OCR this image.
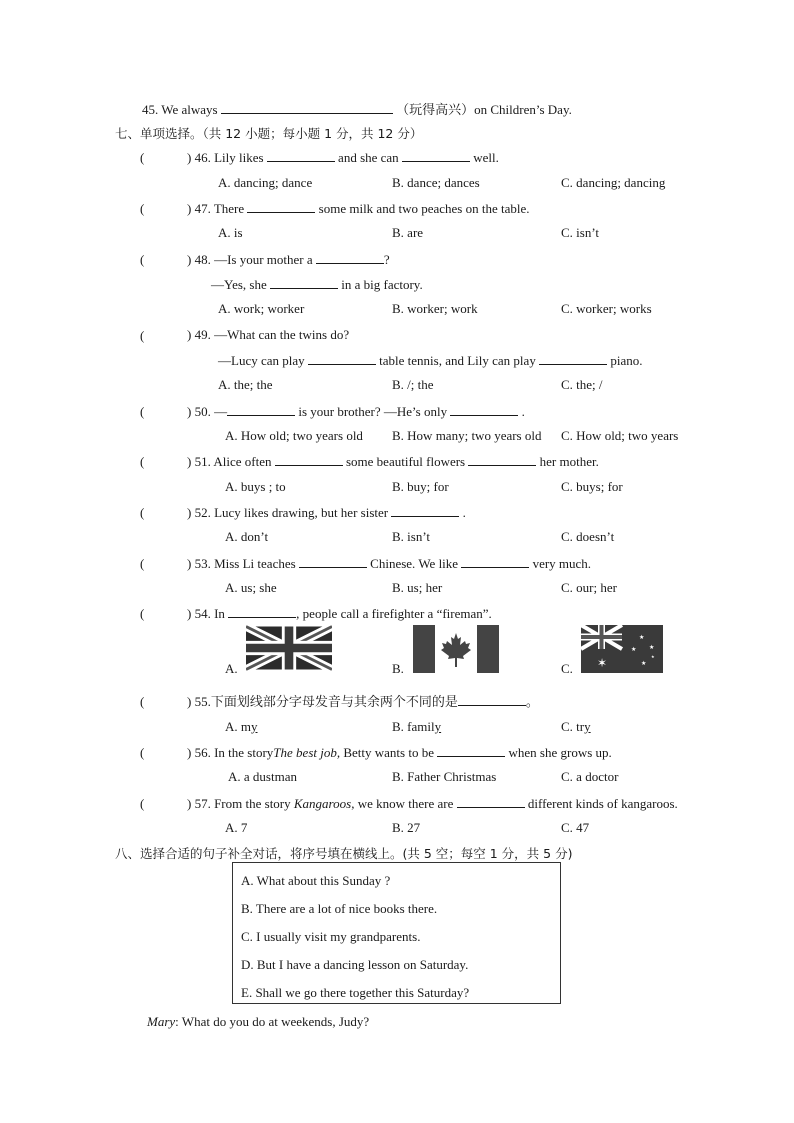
45. We always	（玩得高兴）on Children’s Day.
七、单项选择。（共 12 小题；每小题 1 分，共 12 分）
(	) 46. Lily likes	and she can	well.
A. dancing; dance	B. dance; dances	C. dancing; dancing
(	) 47. There	some milk and two peaches on the table.
A. is	B. are	C. isn’t
(	) 48. —Is your mother a	?
—Yes, she	in a big factory.
A. work; worker	B. worker; work	C. worker; works
(	) 49. —What can the twins do?
—Lucy can play	table tennis, and Lily can play	piano.
A. the; the	B. /; the	C. the; /
(	) 50. —	is your brother? —He’s only	.
A. How old; two years old B. How many; two years old C. How old; two years
(	) 51. Alice often	some beautiful flowers	her mother.
A. buys ; to	B. buy; for	C. buys; for
(	) 52. Lucy likes drawing, but her sister	.
A. don’t	B. isn’t	C. doesn’t
(	) 53. Miss Li teaches	Chinese. We like	very much.
A. us; she	B. us; her	C. our; her
(	) 54. In	, people call a firefighter a “fireman”.
A.	B.	C. ✶
★
★ ★
★
★
(	) 55.下面划线部分字母发音与其余两个不同的是	。
A. my	B. family	C. try
(	) 56. In the storyThe best job, Betty wants to be	when she grows up.
A. a dustman	B. Father Christmas	C. a doctor
(	) 57. From the story Kangaroos, we know there are	different kinds of kangaroos.
A. 7	B. 27	C. 47
八、选择合适的句子补全对话，将序号填在横线上。(共 5 空；每空 1 分，共 5 分)
A. What about this Sunday ?
B. There are a lot of nice books there.
C. I usually visit my grandparents.
D. But I have a dancing lesson on Saturday.
E. Shall we go there together this Saturday?
Mary: What do you do at weekends, Judy?
